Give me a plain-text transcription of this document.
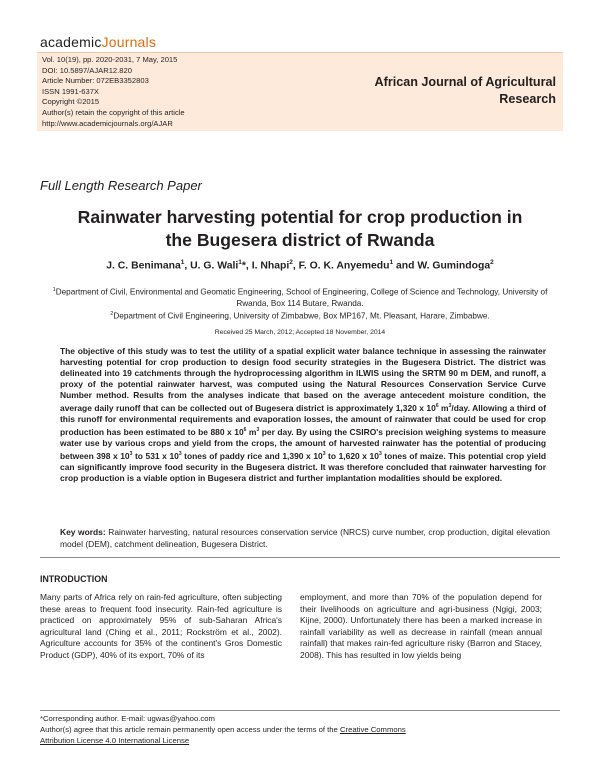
academicJournals
Vol. 10(19), pp. 2020-2031, 7 May, 2015
DOI: 10.5897/AJAR12.820
Article Number: 072EB3352803
ISSN 1991-637X
Copyright ©2015
Author(s) retain the copyright of this article
http://www.academicjournals.org/AJAR
African Journal of Agricultural
Research
Full Length Research Paper
Rainwater harvesting potential for crop production in
the Bugesera district of Rwanda
J. C. Benimana$^1$, U. G. Wali$^1$*, I. Nhapi$^2$, F. O. K. Anyemedu$^1$ and W. Gumindoga$^2$
$^1$Department of Civil, Environmental and Geomatic Engineering, School of Engineering, College of Science and Technology, University of Rwanda, Box 114 Butare, Rwanda.
$^2$Department of Civil Engineering, University of Zimbabwe, Box MP167, Mt. Pleasant, Harare, Zimbabwe.
Received 25 March, 2012; Accepted 18 November, 2014
The objective of this study was to test the utility of a spatial explicit water balance technique in assessing the rainwater harvesting potential for crop production to design food security strategies in the Bugesera District. The district was delineated into 19 catchments through the hydroprocessing algorithm in ILWIS using the SRTM 90 m DEM, and runoff, a proxy of the potential rainwater harvest, was computed using the Natural Resources Conservation Service Curve Number method. Results from the analyses indicate that based on the average antecedent moisture condition, the average daily runoff that can be collected out of Bugesera district is approximately 1,320 x $10^6$ $m^3$/day. Allowing a third of this runoff for environmental requirements and evaporation losses, the amount of rainwater that could be used for crop production has been estimated to be 880 x $10^6$ $m^3$ per day. By using the CSIRO's precision weighing systems to measure water use by various crops and yield from the crops, the amount of harvested rainwater has the potential of producing between 398 x $10^3$ to 531 x $10^3$ tones of paddy rice and 1,390 x $10^3$ to 1,620 x $10^3$ tones of maize. This potential crop yield can significantly improve food security in the Bugesera district. It was therefore concluded that rainwater harvesting for crop production is a viable option in Bugesera district and further implantation modalities should be explored.
Key words: Rainwater harvesting, natural resources conservation service (NRCS) curve number, crop production, digital elevation model (DEM), catchment delineation, Bugesera District.
INTRODUCTION
Many parts of Africa rely on rain-fed agriculture, often subjecting these areas to frequent food insecurity. Rain-fed agriculture is practiced on approximately 95% of sub-Saharan Africa's agricultural land (Ching et al., 2011; Rockström et al., 2002). Agriculture accounts for 35% of the continent's Gros Domestic Product (GDP), 40% of its export, 70% of its
employment, and more than 70% of the population depend for their livelihoods on agriculture and agri-business (Ngigi, 2003; Kijne, 2000). Unfortunately there has been a marked increase in rainfall variability as well as decrease in rainfall (mean annual rainfall) that makes rain-fed agriculture risky (Barron and Stacey, 2008). This has resulted in low yields being
*Corresponding author. E-mail: ugwas@yahoo.com
Author(s) agree that this article remain permanently open access under the terms of the Creative Commons
Attribution License 4.0 International License
